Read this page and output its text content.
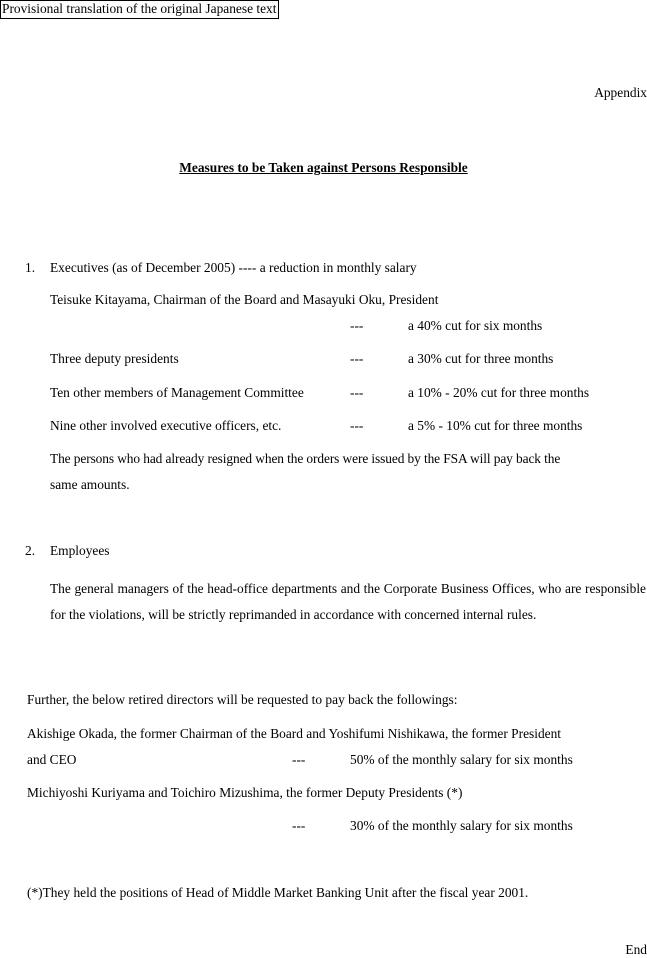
Provisional translation of the original Japanese text
Appendix
Measures to be Taken against Persons Responsible
1. Executives (as of December 2005) ---- a reduction in monthly salary
Teisuke Kitayama, Chairman of the Board and Masayuki Oku, President
---	a 40% cut for six months
Three deputy presidents	---	a 30% cut for three months
Ten other members of Management Committee	---	a 10% - 20% cut for three months
Nine other involved executive officers, etc.	---	a 5% - 10% cut for three months
The persons who had already resigned when the orders were issued by the FSA will pay back the
same amounts.
2. Employees
The general managers of the head-office departments and the Corporate Business Offices, who are responsible for the violations, will be strictly reprimanded in accordance with concerned internal rules.
Further, the below retired directors will be requested to pay back the followings:
Akishige Okada, the former Chairman of the Board and Yoshifumi Nishikawa, the former President
and CEO	---	50% of the monthly salary for six months
Michiyoshi Kuriyama and Toichiro Mizushima, the former Deputy Presidents (*)
---	30% of the monthly salary for six months
(*)They held the positions of Head of Middle Market Banking Unit after the fiscal year 2001.
End
